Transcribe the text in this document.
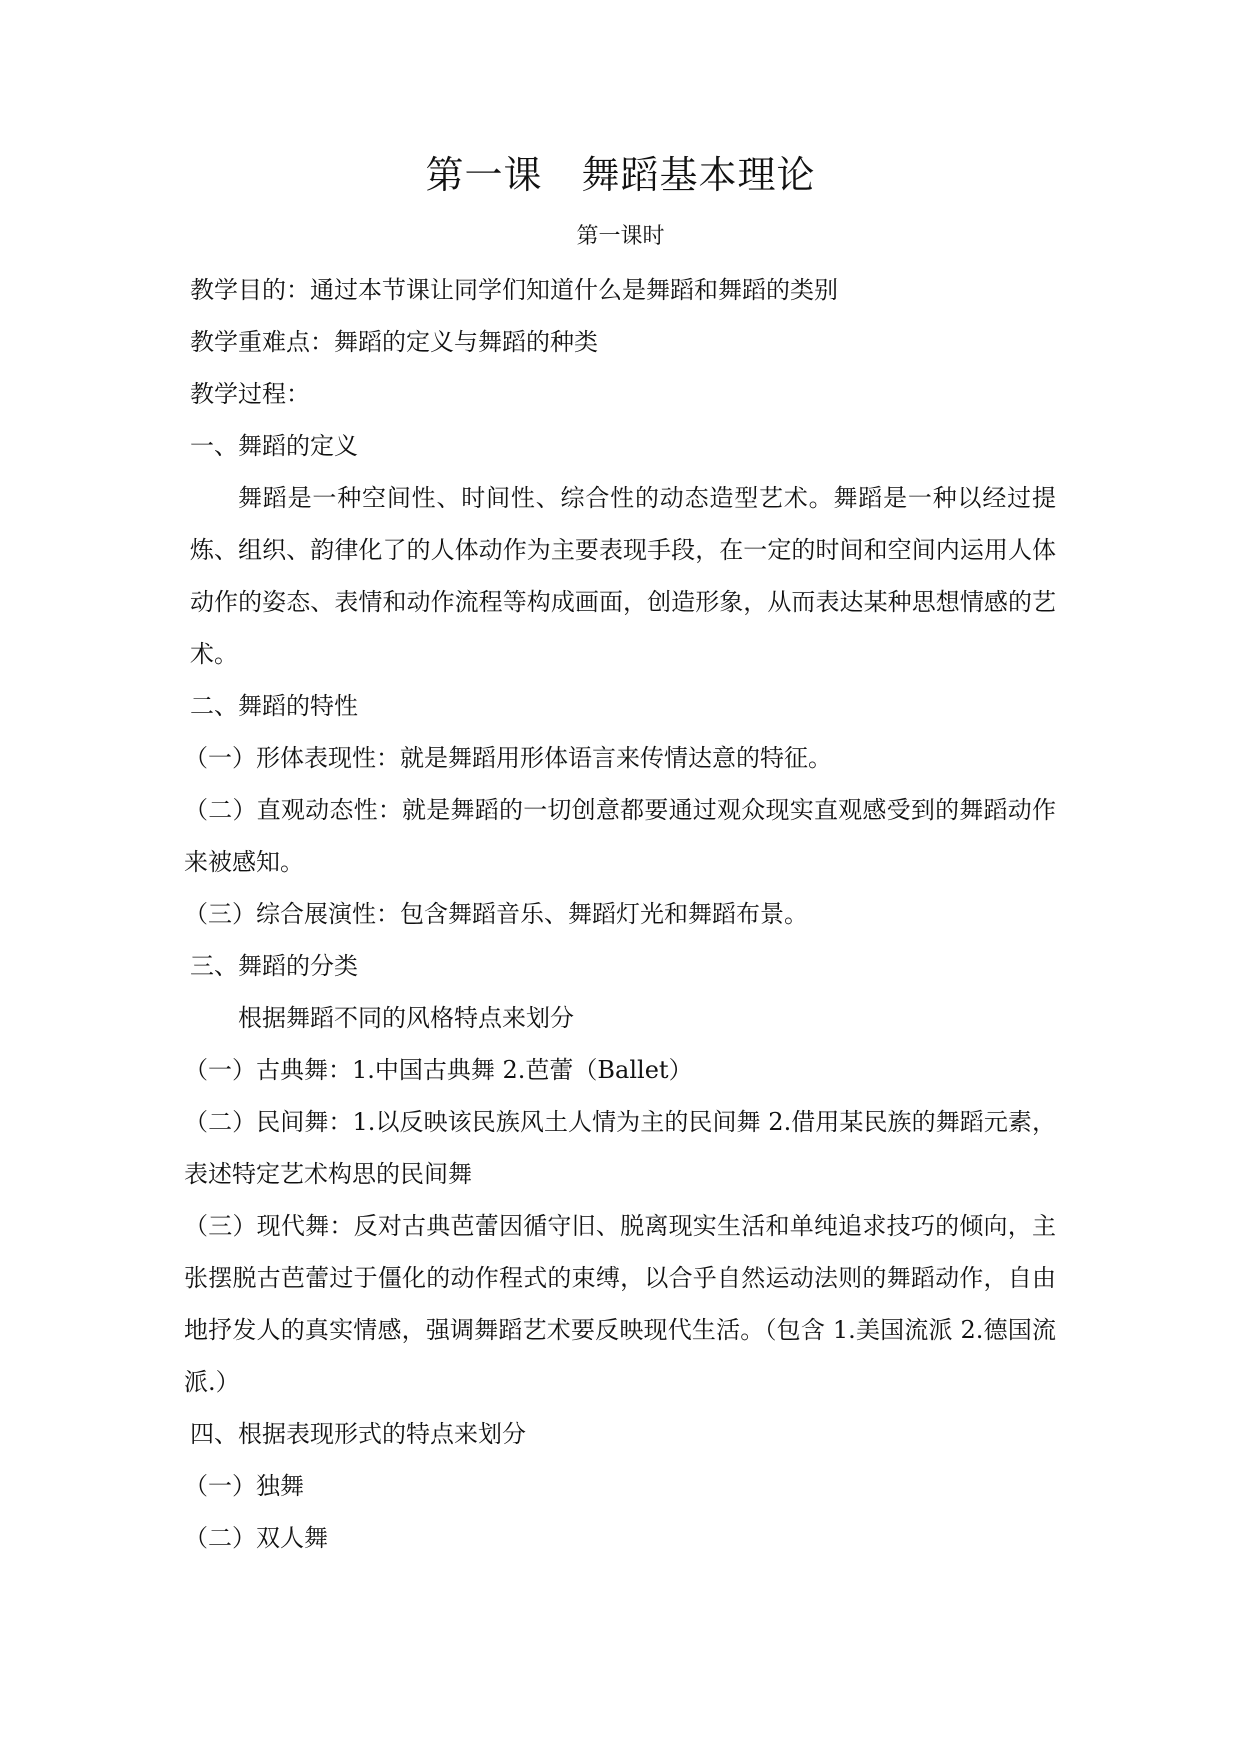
第一课　舞蹈基本理论
第一课时

教学目的：通过本节课让同学们知道什么是舞蹈和舞蹈的类别

教学重难点：舞蹈的定义与舞蹈的种类

教学过程：

一、舞蹈的定义

舞蹈是一种空间性、时间性、综合性的动态造型艺术。舞蹈是一种以经过提炼、组织、韵律化了的人体动作为主要表现手段，在一定的时间和空间内运用人体动作的姿态、表情和动作流程等构成画面，创造形象，从而表达某种思想情感的艺术。

二、舞蹈的特性

（一）形体表现性：就是舞蹈用形体语言来传情达意的特征。

（二）直观动态性：就是舞蹈的一切创意都要通过观众现实直观感受到的舞蹈动作来被感知。

（三）综合展演性：包含舞蹈音乐、舞蹈灯光和舞蹈布景。

三、舞蹈的分类

根据舞蹈不同的风格特点来划分

（一）古典舞：1.中国古典舞 2.芭蕾（Ballet）

（二）民间舞：1.以反映该民族风土人情为主的民间舞 2.借用某民族的舞蹈元素，表述特定艺术构思的民间舞

（三）现代舞：反对古典芭蕾因循守旧、脱离现实生活和单纯追求技巧的倾向，主张摆脱古芭蕾过于僵化的动作程式的束缚，以合乎自然运动法则的舞蹈动作，自由地抒发人的真实情感，强调舞蹈艺术要反映现代生活。（包含 1.美国流派 2.德国流派.）

四、根据表现形式的特点来划分

（一）独舞

（二）双人舞
